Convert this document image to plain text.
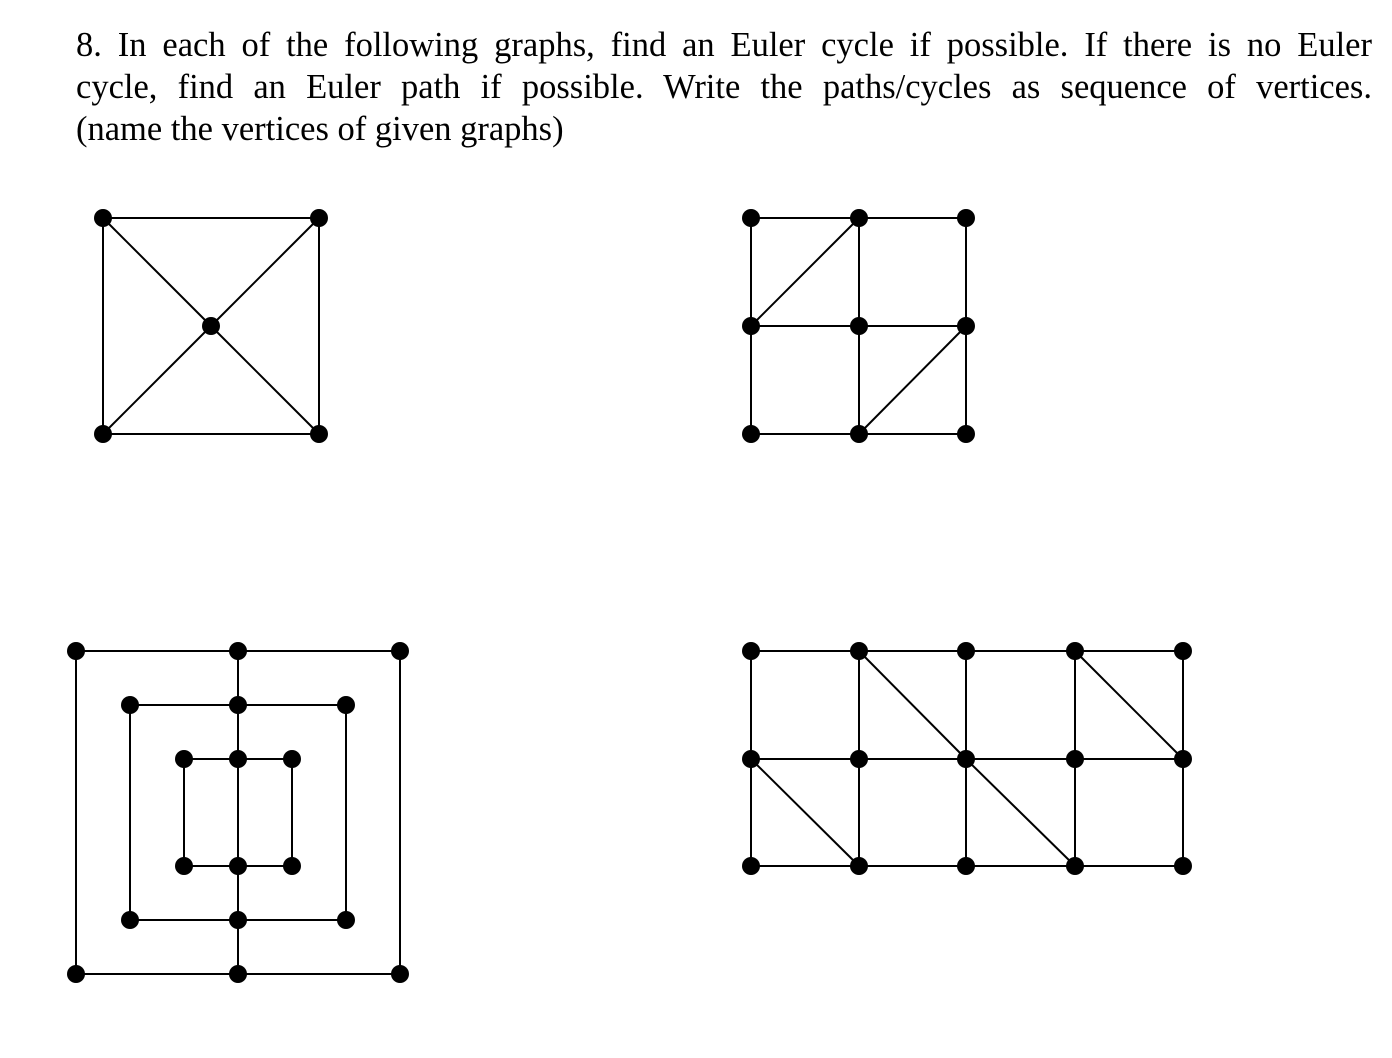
8. In each of the following graphs, find an Euler cycle if possible. If there is no Euler
cycle, find an Euler path if possible. Write the paths/cycles as sequence of vertices.
(name the vertices of given graphs)
